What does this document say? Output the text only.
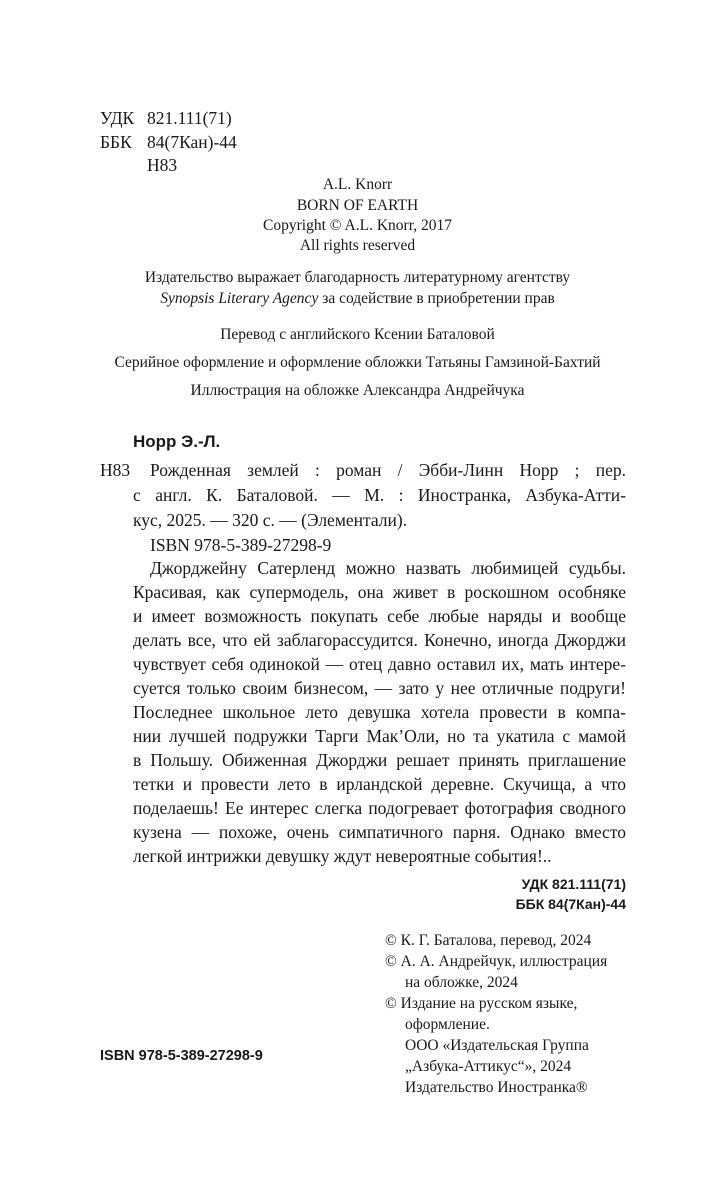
УДК 821.111(71)
ББК 84(7Кан)-44
Н83
A.L. Knorr
BORN OF EARTH
Copyright © A.L. Knorr, 2017
All rights reserved
Издательство выражает благодарность литературному агентству
Synopsis Literary Agency за содействие в приобретении прав
Перевод с английского Ксении Баталовой
Серийное оформление и оформление обложки Татьяны Гамзиной-Бахтий
Иллюстрация на обложке Александра Андрейчука
Норр Э.-Л.
Н83 Рожденная землей : роман / Эбби-Линн Норр ; пер.
с англ. К. Баталовой. — М. : Иностранка, Азбука-Атти-
кус, 2025. — 320 с. — (Элементали).
ISBN 978-5-389-27298-9
Джорджейну Сатерленд можно назвать любимицей судьбы.
Красивая, как супермодель, она живет в роскошном особняке
и имеет возможность покупать себе любые наряды и вообще
делать все, что ей заблагорассудится. Конечно, иногда Джорджи
чувствует себя одинокой — отец давно оставил их, мать интере-
суется только своим бизнесом, — зато у нее отличные подруги!
Последнее школьное лето девушка хотела провести в компа-
нии лучшей подружки Тарги Мак’Оли, но та укатила с мамой
в Польшу. Обиженная Джорджи решает принять приглашение
тетки и провести лето в ирландской деревне. Скучища, а что
поделаешь! Ее интерес слегка подогревает фотография сводного
кузена — похоже, очень симпатичного парня. Однако вместо
легкой интрижки девушку ждут невероятные события!..
УДК 821.111(71)
ББК 84(7Кан)-44
© К. Г. Баталова, перевод, 2024
© А. А. Андрейчук, иллюстрация
на обложке, 2024
© Издание на русском языке,
оформление.
ООО «Издательская Группа
„Азбука-Аттикус“», 2024
Издательство Иностранка®
ISBN 978-5-389-27298-9
